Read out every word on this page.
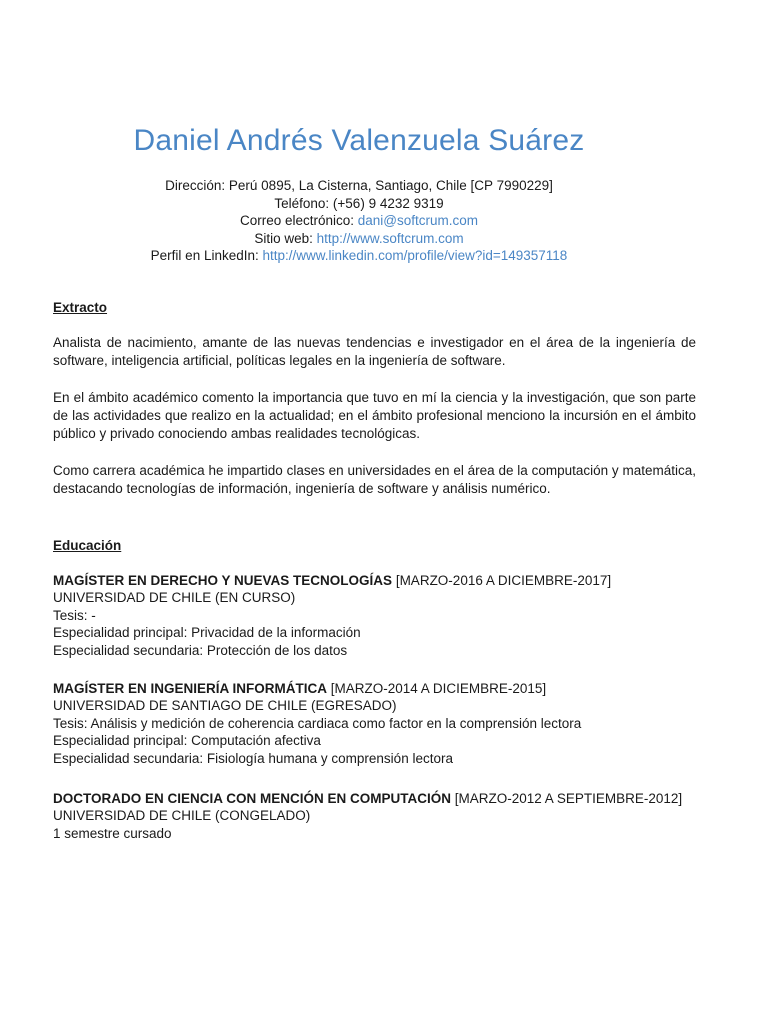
Daniel Andrés Valenzuela Suárez
Dirección: Perú 0895, La Cisterna, Santiago, Chile [CP 7990229]
Teléfono: (+56) 9 4232 9319
Correo electrónico: dani@softcrum.com
Sitio web: http://www.softcrum.com
Perfil en LinkedIn: http://www.linkedin.com/profile/view?id=149357118
Extracto

Analista de nacimiento, amante de las nuevas tendencias e investigador en el área de la ingeniería de software, inteligencia artificial, políticas legales en la ingeniería de software.

En el ámbito académico comento la importancia que tuvo en mí la ciencia y la investigación, que son parte de las actividades que realizo en la actualidad; en el ámbito profesional menciono la incursión en el ámbito público y privado conociendo ambas realidades tecnológicas.

Como carrera académica he impartido clases en universidades en el área de la computación y matemática, destacando tecnologías de información, ingeniería de software y análisis numérico.

Educación
MAGÍSTER EN DERECHO Y NUEVAS TECNOLOGÍAS [MARZO-2016 A DICIEMBRE-2017]
UNIVERSIDAD DE CHILE (EN CURSO)
Tesis: -
Especialidad principal: Privacidad de la información
Especialidad secundaria: Protección de los datos
MAGÍSTER EN INGENIERÍA INFORMÁTICA [MARZO-2014 A DICIEMBRE-2015]
UNIVERSIDAD DE SANTIAGO DE CHILE (EGRESADO)
Tesis: Análisis y medición de coherencia cardiaca como factor en la comprensión lectora
Especialidad principal: Computación afectiva
Especialidad secundaria: Fisiología humana y comprensión lectora
DOCTORADO EN CIENCIA CON MENCIÓN EN COMPUTACIÓN [MARZO-2012 A SEPTIEMBRE-2012]
UNIVERSIDAD DE CHILE (CONGELADO)
1 semestre cursado
